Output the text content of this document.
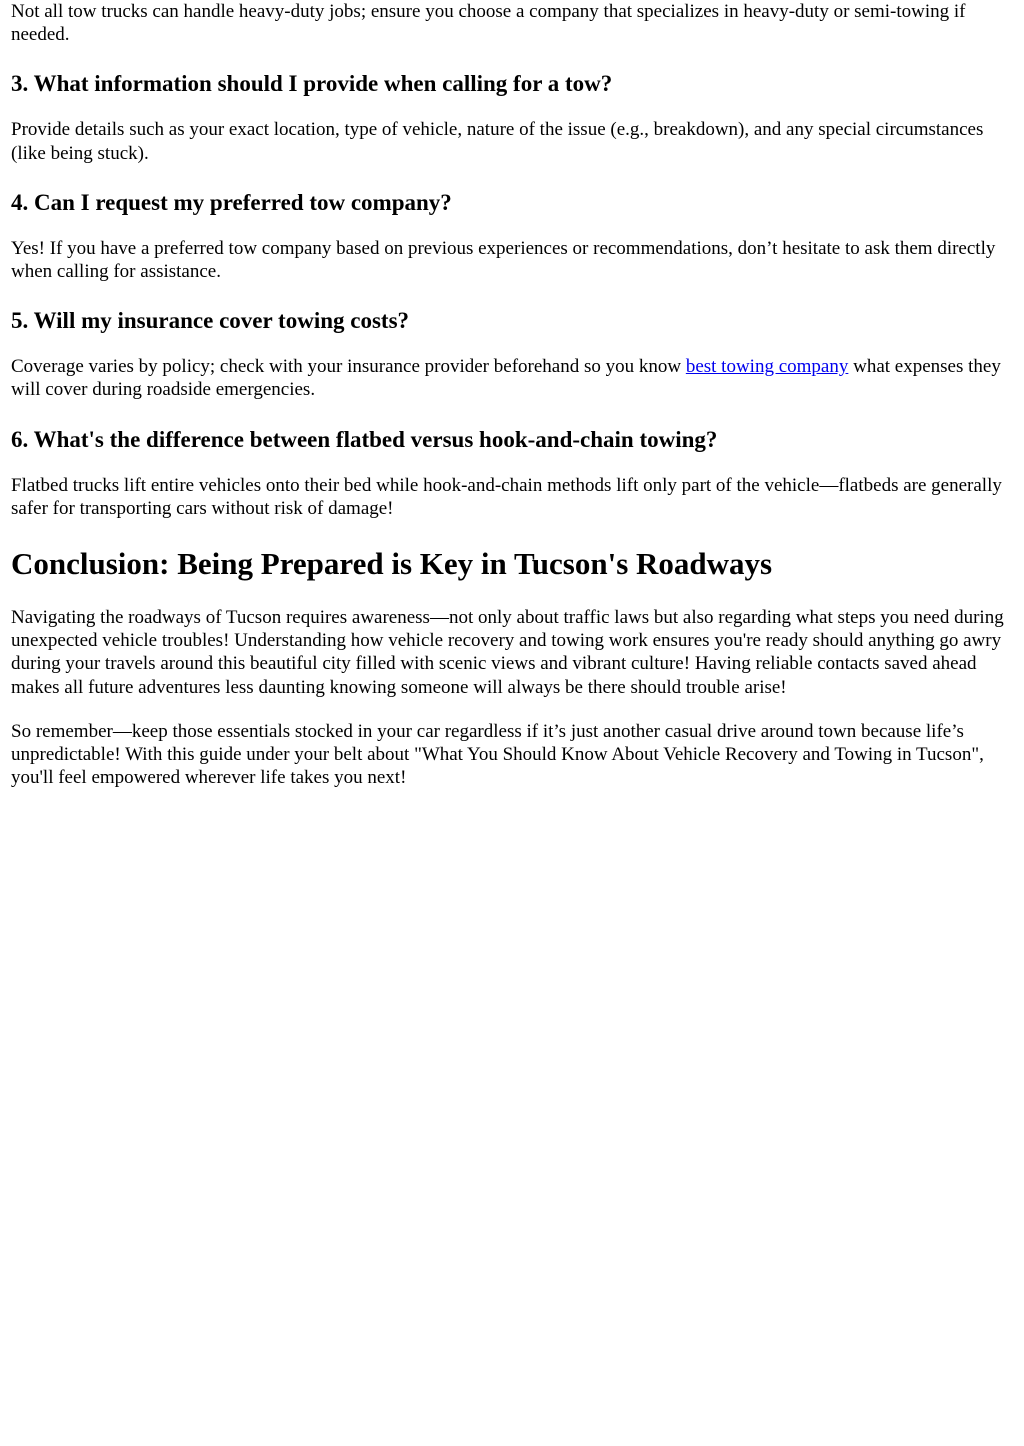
Not all tow trucks can handle heavy-duty jobs; ensure you choose a company that specializes in heavy-duty or semi-towing if needed.

3. What information should I provide when calling for a tow?

Provide details such as your exact location, type of vehicle, nature of the issue (e.g., breakdown), and any special circumstances (like being stuck).

4. Can I request my preferred tow company?

Yes! If you have a preferred tow company based on previous experiences or recommendations, don’t hesitate to ask them directly when calling for assistance.

5. Will my insurance cover towing costs?

Coverage varies by policy; check with your insurance provider beforehand so you know best towing company what expenses they will cover during roadside emergencies.

6. What's the difference between flatbed versus hook-and-chain towing?

Flatbed trucks lift entire vehicles onto their bed while hook-and-chain methods lift only part of the vehicle—flatbeds are generally safer for transporting cars without risk of damage!

Conclusion: Being Prepared is Key in Tucson's Roadways

Navigating the roadways of Tucson requires awareness—not only about traffic laws but also regarding what steps you need during unexpected vehicle troubles! Understanding how vehicle recovery and towing work ensures you're ready should anything go awry during your travels around this beautiful city filled with scenic views and vibrant culture! Having reliable contacts saved ahead makes all future adventures less daunting knowing someone will always be there should trouble arise!

So remember—keep those essentials stocked in your car regardless if it’s just another casual drive around town because life’s unpredictable! With this guide under your belt about "What You Should Know About Vehicle Recovery and Towing in Tucson", you'll feel empowered wherever life takes you next!
